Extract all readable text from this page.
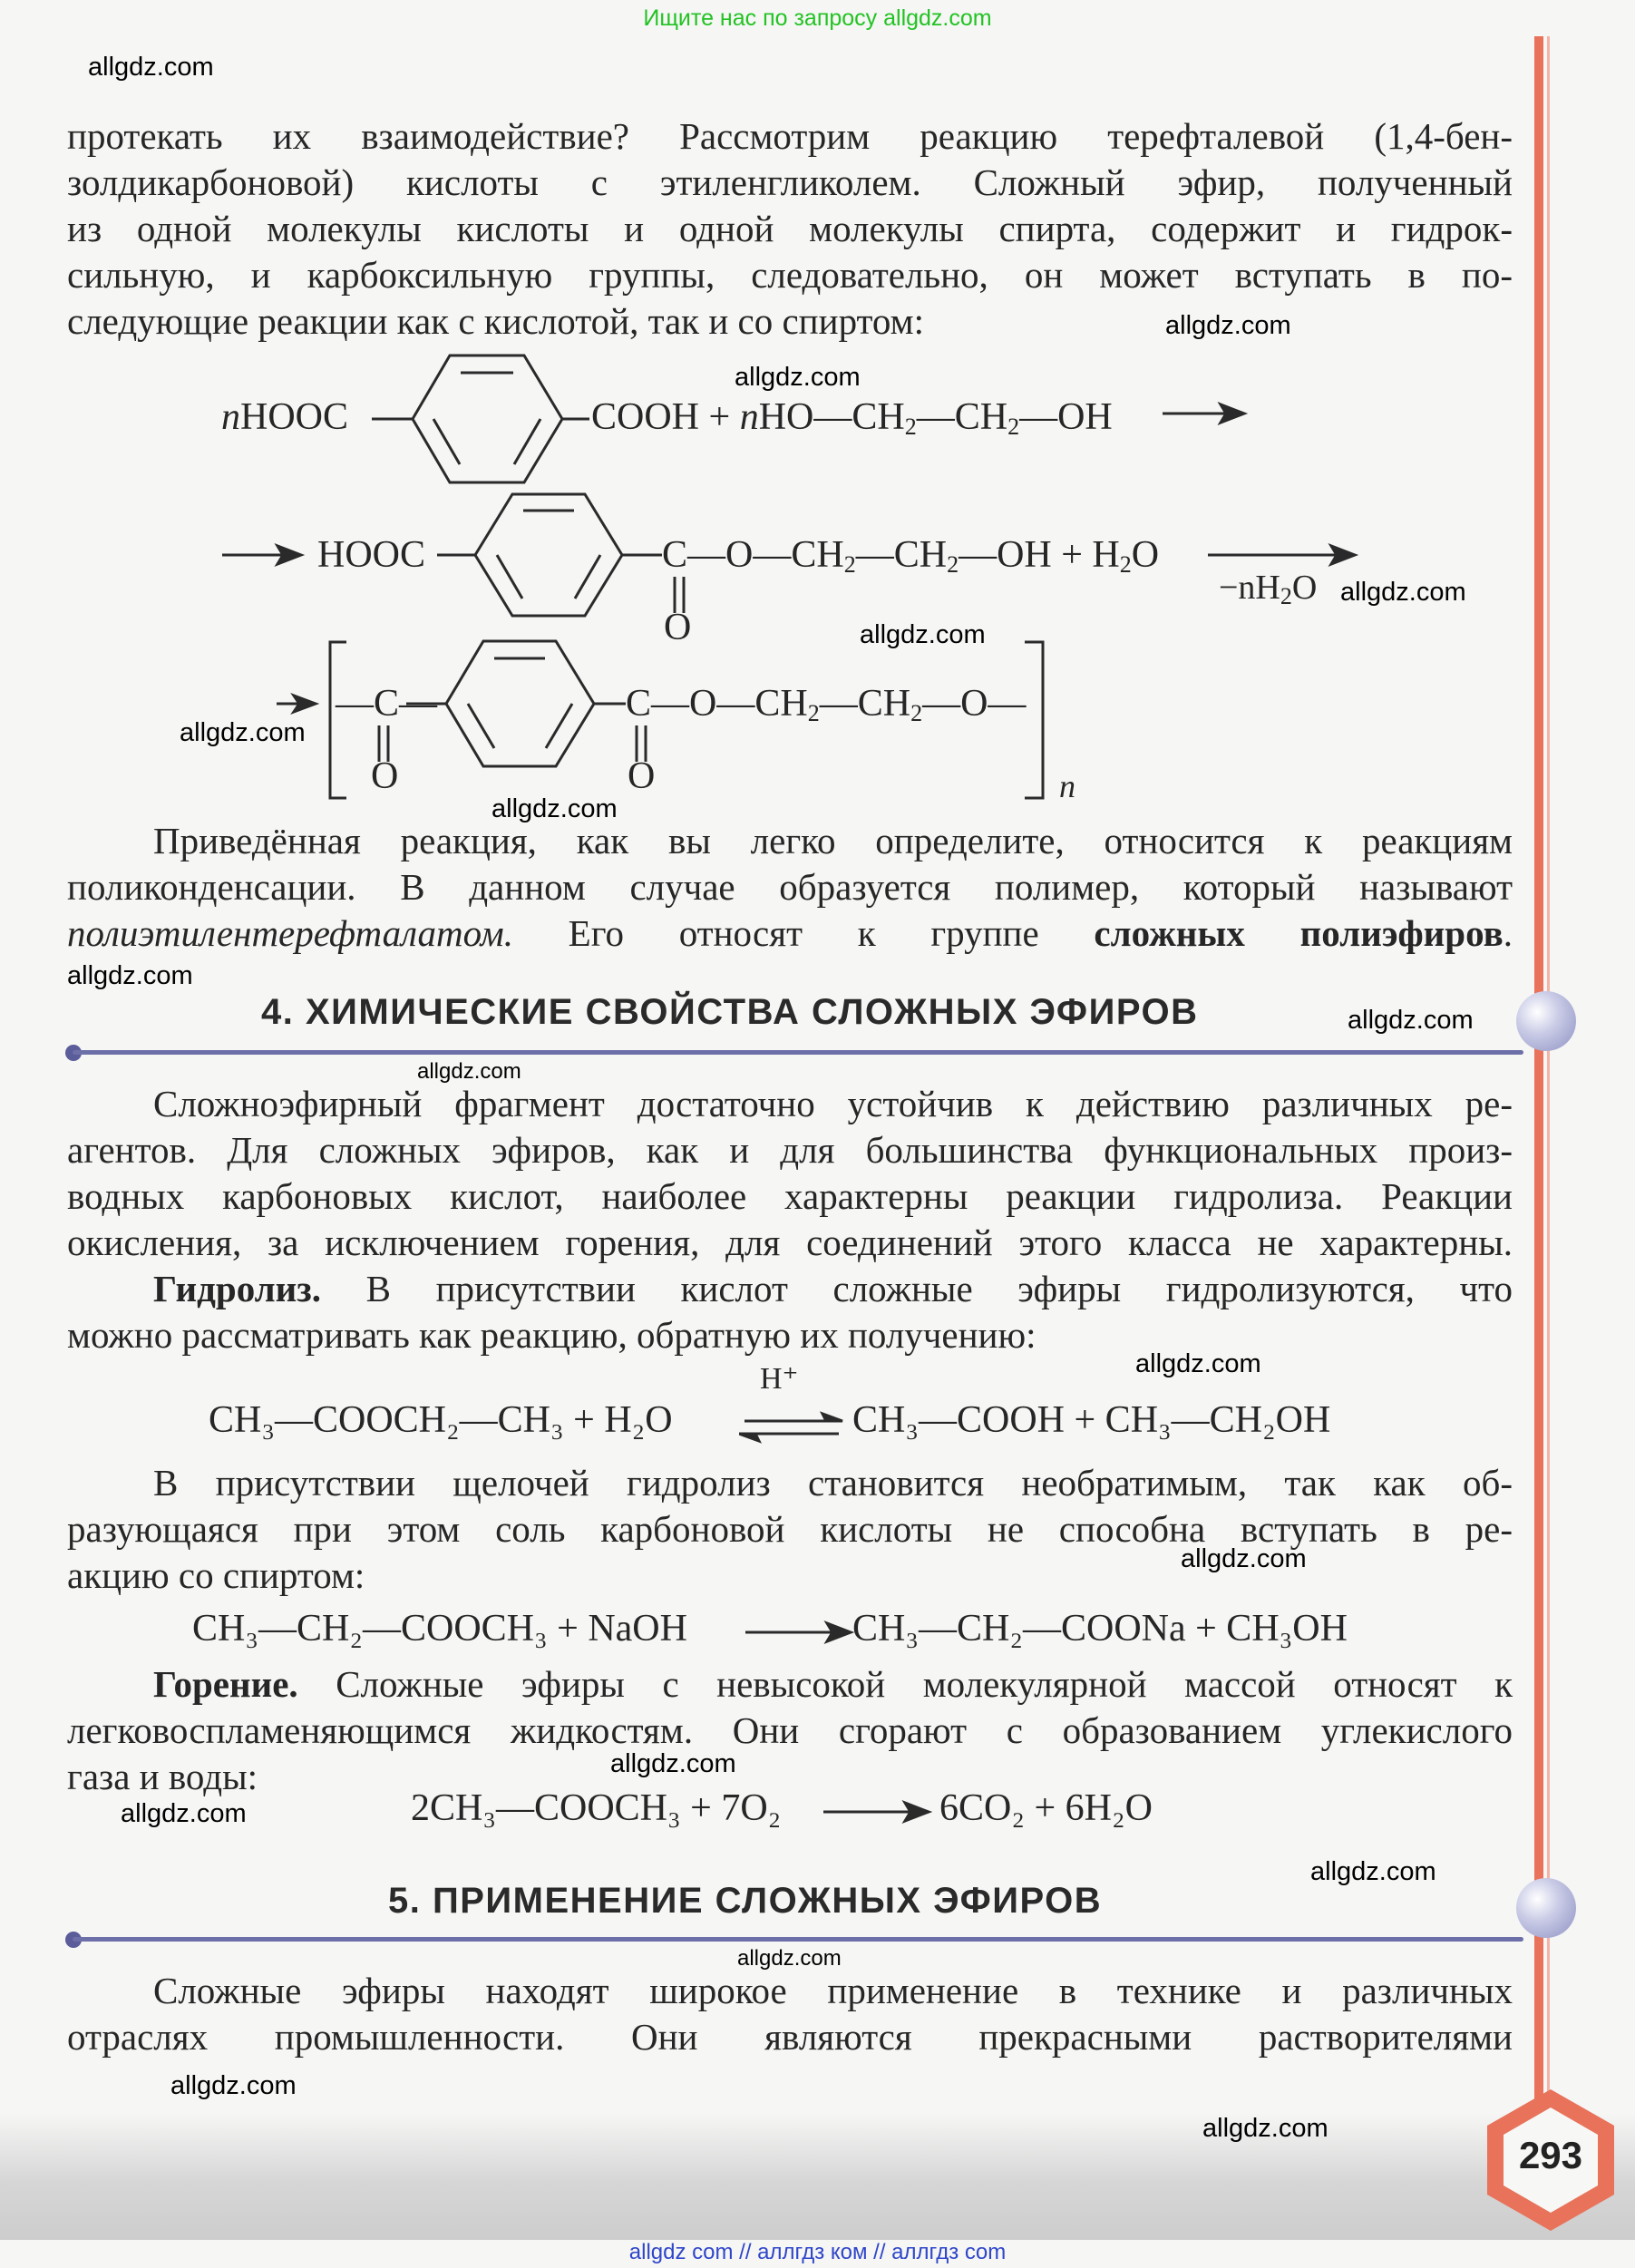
Ищите нас по запросу allgdz.com
allgdz.com

протекать их взаимодействие? Рассмотрим реакцию терефталевой (1,4-бен-

золдикарбоновой) кислоты с этиленгликолем. Сложный эфир, полученный

из одной молекулы кислоты и одной молекулы спирта, содержит и гидрок-

сильную, и карбоксильную группы, следовательно, он может вступать в по-

следующие реакции как с кислотой, так и со спиртом:	allgdz.com
allgdz.com
nHOOC	COOH + $nHO—CH_2—CH_2—OH$
HOOC	$C—O—CH_2—CH_2—OH + H_2O$
O
$-nH_2O$ allgdz.com
allgdz.com
—C—	$C—O—CH_2—CH_2—O—$
O	O	n
allgdz.com
allgdz.com

Приведённая реакция, как вы легко определите, относится к реакциям

поликонденсации. В данном случае образуется полимер, который называют

полиэтилентерефталатом. Его относят к группе сложных полиэфиров.

allgdz.com
4. ХИМИЧЕСКИЕ СВОЙСТВА СЛОЖНЫХ ЭФИРОВ	allgdz.com
allgdz.com

Сложноэфирный фрагмент достаточно устойчив к действию различных ре-

агентов. Для сложных эфиров, как и для большинства функциональных произ-

водных карбоновых кислот, наиболее характерны реакции гидролиза. Реакции

окисления, за исключением горения, для соединений этого класса не характерны.

Гидролиз. В присутствии кислот сложные эфиры гидролизуются, что

можно рассматривать как реакцию, обратную их получению:

allgdz.com
CH₃—COOCH₂—CH₃ + H₂O
H⁺
CH₃—COOH + CH₃—CH₂OH

В присутствии щелочей гидролиз становится необратимым, так как об-

разующаяся при этом соль карбоновой кислоты не способна вступать в ре-

акцию со спиртом:	allgdz.com
CH₃—CH₂—COOCH₃ + NaOH	CH₃—CH₂—COONa + CH₃OH

Горение. Сложные эфиры с невысокой молекулярной массой относят к

легковоспламеняющимся жидкостям. Они сгорают с образованием углекислого

газа и воды:	allgdz.com
allgdz.com	2CH₃—COOCH₃ + 7O₂	6CO₂ + 6H₂O
allgdz.com
5. ПРИМЕНЕНИЕ СЛОЖНЫХ ЭФИРОВ
allgdz.com

Сложные эфиры находят широкое применение в технике и различных

отраслях промышленности. Они являются прекрасными растворителями

allgdz.com
allgdz.com
293
allgdz com // аллгдз ком // аллгдз com
